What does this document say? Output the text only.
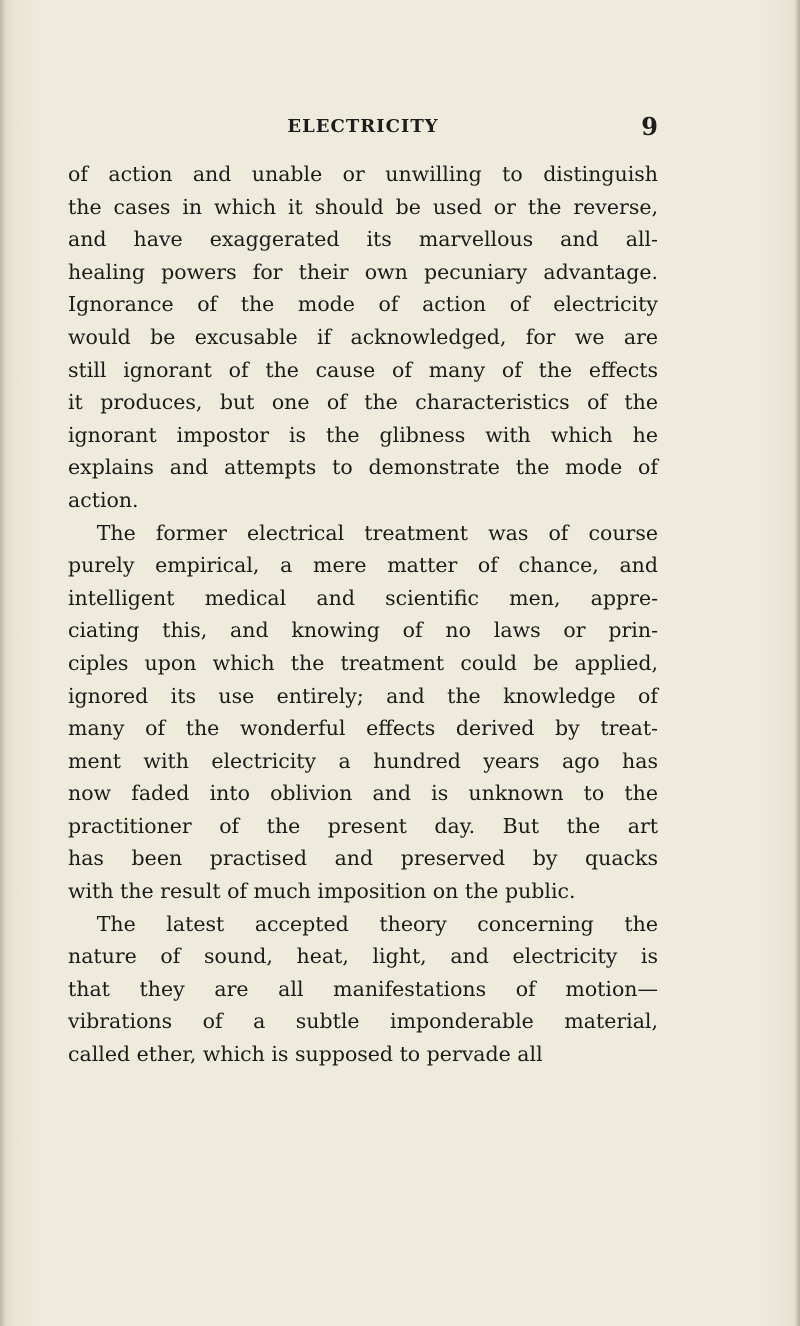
ELECTRICITY	9
of action and unable or unwilling to distinguish
the cases in which it should be used or the reverse,
and have exaggerated its marvellous and all-
healing powers for their own pecuniary advantage.
Ignorance of the mode of action of electricity
would be excusable if acknowledged, for we are
still ignorant of the cause of many of the effects
it produces, but one of the characteristics of the
ignorant impostor is the glibness with which he
explains and attempts to demonstrate the mode of
action.
The former electrical treatment was of course
purely empirical, a mere matter of chance, and
intelligent medical and scientific men, appre-
ciating this, and knowing of no laws or prin-
ciples upon which the treatment could be applied,
ignored its use entirely; and the knowledge of
many of the wonderful effects derived by treat-
ment with electricity a hundred years ago has
now faded into oblivion and is unknown to the
practitioner of the present day. But the art
has been practised and preserved by quacks
with the result of much imposition on the public.
The latest accepted theory concerning the
nature of sound, heat, light, and electricity is
that they are all manifestations of motion—
vibrations of a subtle imponderable material,
called ether, which is supposed to pervade all
